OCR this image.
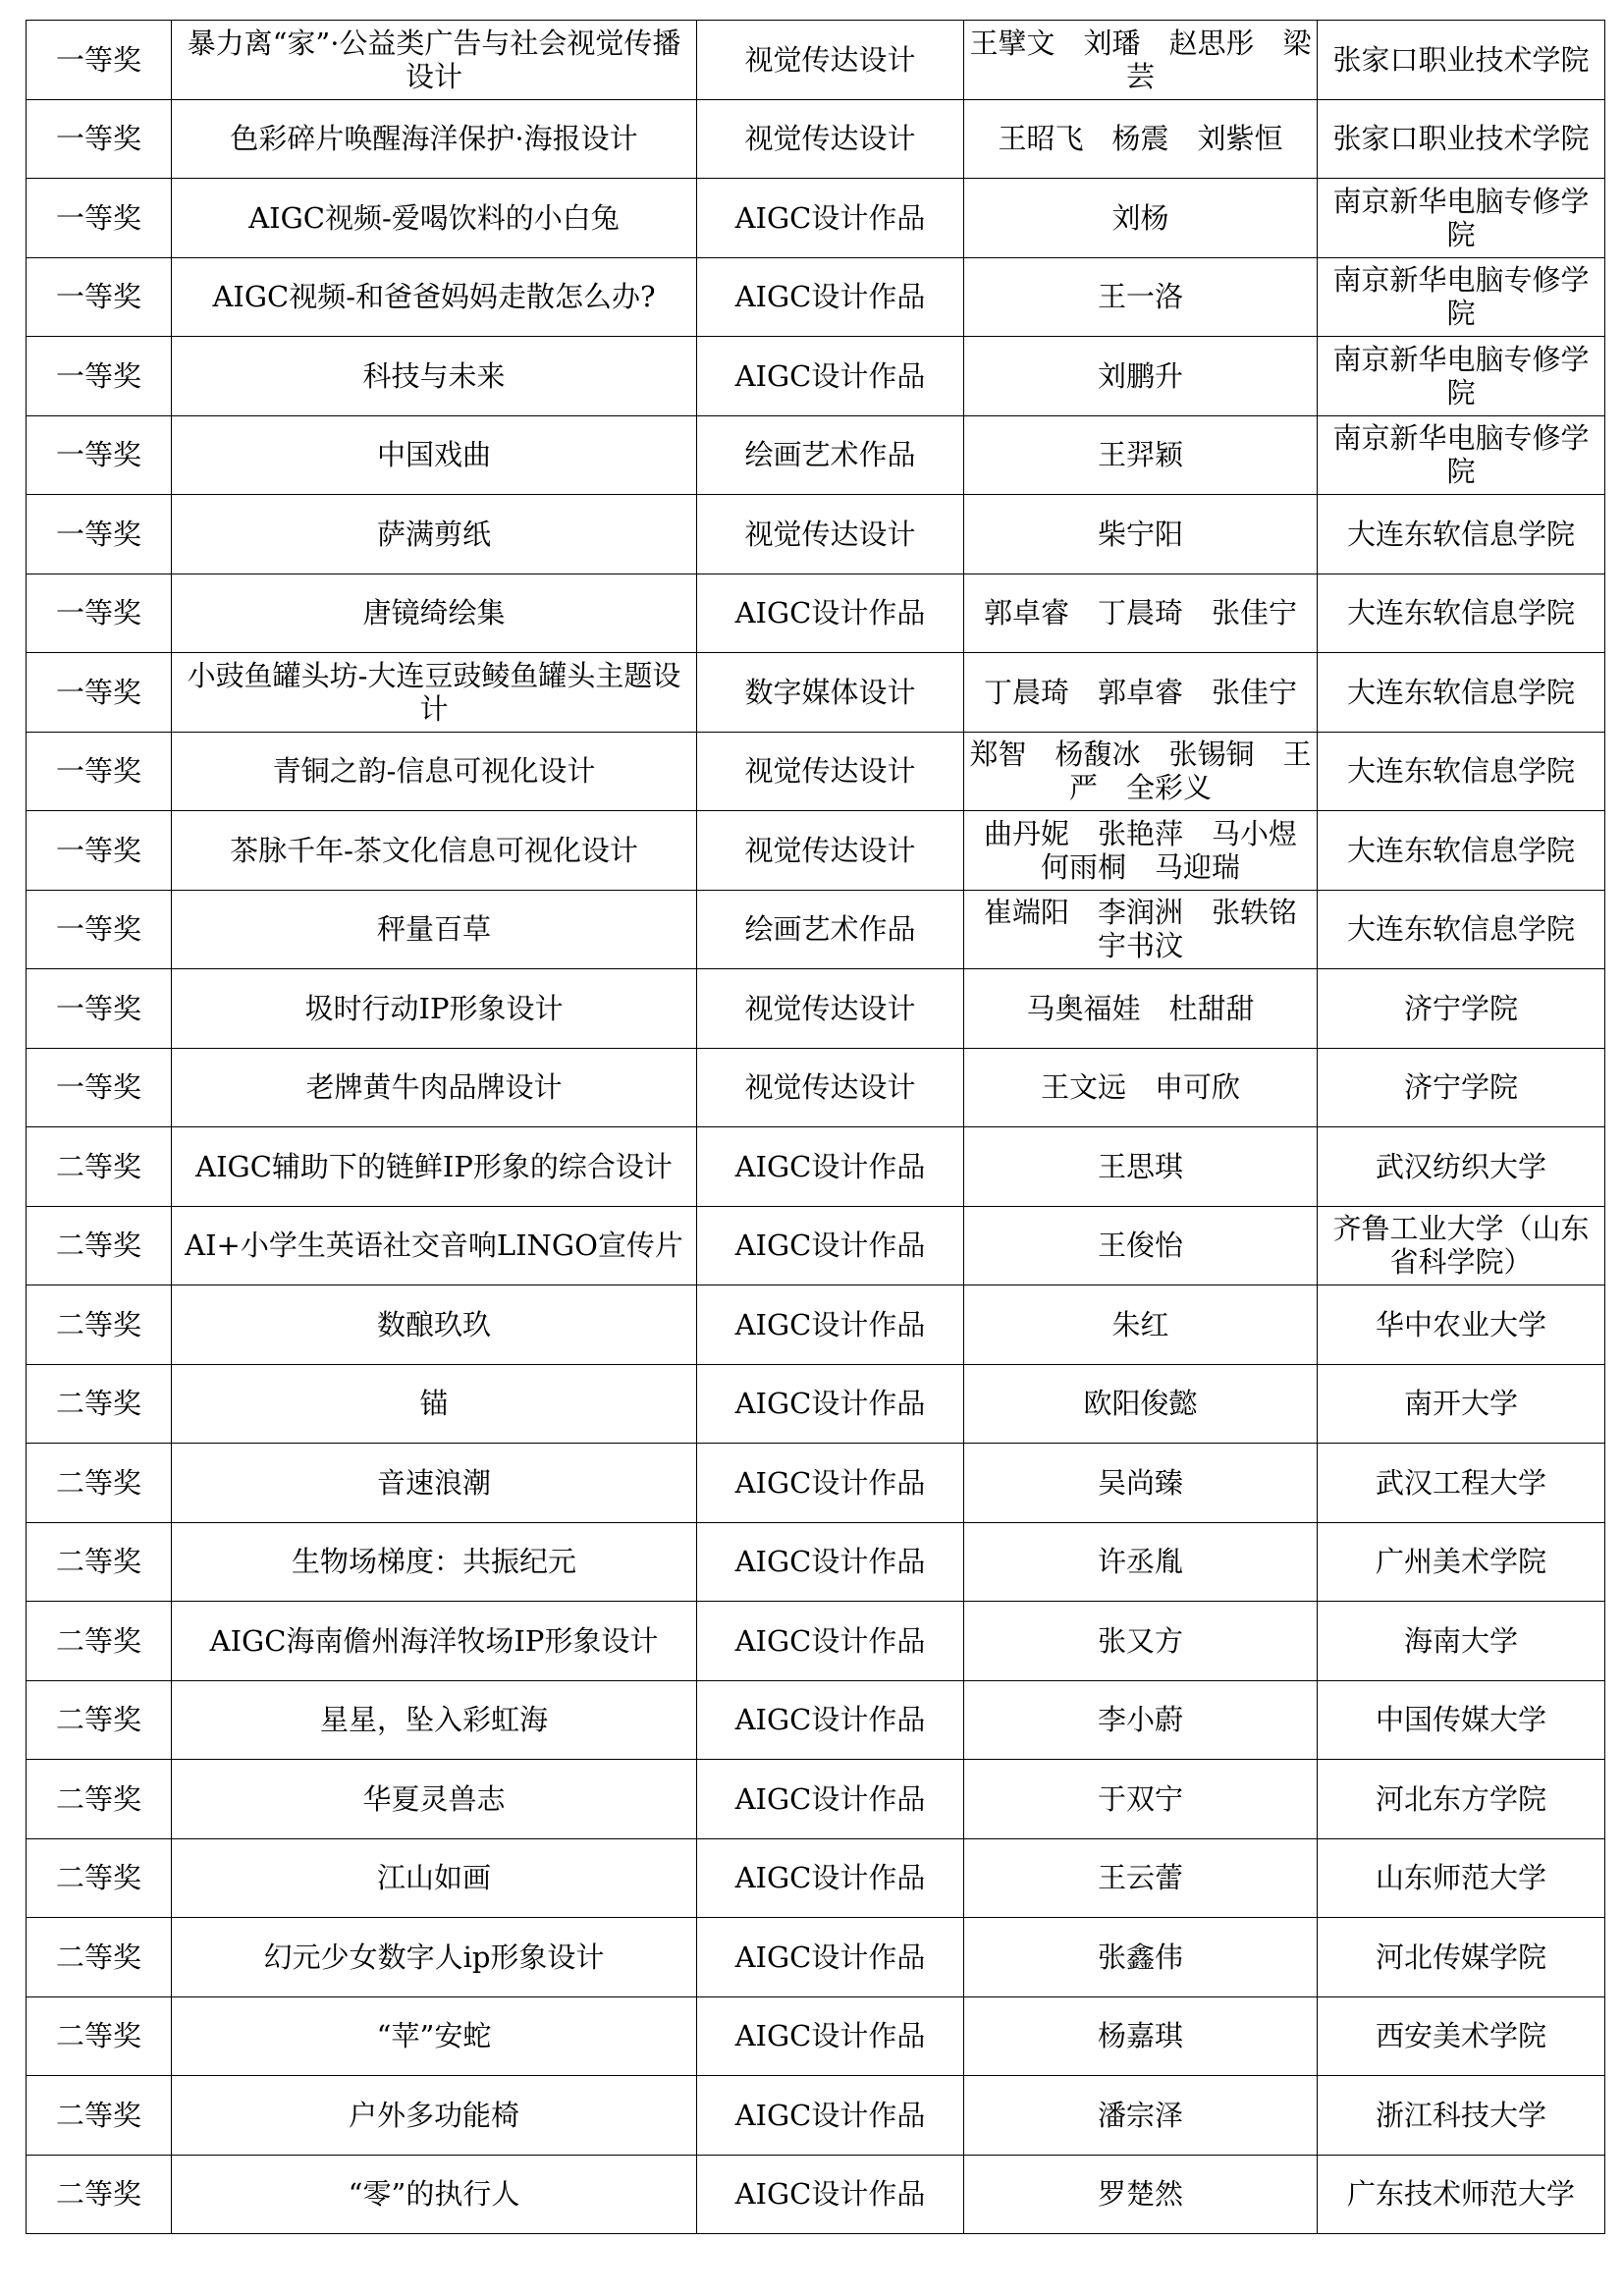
一等奖	暴力离“家”·公益类广告与社会视觉传播设计	视觉传达设计	王擘文　刘璠　赵思彤　梁芸	张家口职业技术学院
一等奖	色彩碎片唤醒海洋保护·海报设计	视觉传达设计	王昭飞　杨震　刘紫恒	张家口职业技术学院
一等奖	AIGC视频-爱喝饮料的小白兔	AIGC设计作品	刘杨	南京新华电脑专修学院
一等奖	AIGC视频-和爸爸妈妈走散怎么办?	AIGC设计作品	王一洛	南京新华电脑专修学院
一等奖	科技与未来	AIGC设计作品	刘鹏升	南京新华电脑专修学院
一等奖	中国戏曲	绘画艺术作品	王羿颖	南京新华电脑专修学院
一等奖	萨满剪纸	视觉传达设计	柴宁阳	大连东软信息学院
一等奖	唐镜绮绘集	AIGC设计作品	郭卓睿　丁晨琦　张佳宁	大连东软信息学院
一等奖	小豉鱼罐头坊-大连豆豉鲮鱼罐头主题设计	数字媒体设计	丁晨琦　郭卓睿　张佳宁	大连东软信息学院
一等奖	青铜之韵-信息可视化设计	视觉传达设计	郑智　杨馥冰　张锡铜　王严　全彩义	大连东软信息学院
一等奖	茶脉千年-茶文化信息可视化设计	视觉传达设计	曲丹妮　张艳萍　马小煜　何雨桐　马迎瑞	大连东软信息学院
一等奖	秤量百草	绘画艺术作品	崔端阳　李润洲　张轶铭　宇书汶	大连东软信息学院
一等奖	圾时行动IP形象设计	视觉传达设计	马奥福娃　杜甜甜	济宁学院
一等奖	老牌黄牛肉品牌设计	视觉传达设计	王文远　申可欣	济宁学院
二等奖	AIGC辅助下的链鲜IP形象的综合设计	AIGC设计作品	王思琪	武汉纺织大学
二等奖	AI+小学生英语社交音响LINGO宣传片	AIGC设计作品	王俊怡	齐鲁工业大学（山东省科学院）
二等奖	数酿玖玖	AIGC设计作品	朱红	华中农业大学
二等奖	锚	AIGC设计作品	欧阳俊懿	南开大学
二等奖	音速浪潮	AIGC设计作品	吴尚臻	武汉工程大学
二等奖	生物场梯度：共振纪元	AIGC设计作品	许丞胤	广州美术学院
二等奖	AIGC海南儋州海洋牧场IP形象设计	AIGC设计作品	张又方	海南大学
二等奖	星星，坠入彩虹海	AIGC设计作品	李小蔚	中国传媒大学
二等奖	华夏灵兽志	AIGC设计作品	于双宁	河北东方学院
二等奖	江山如画	AIGC设计作品	王云蕾	山东师范大学
二等奖	幻元少女数字人ip形象设计	AIGC设计作品	张鑫伟	河北传媒学院
二等奖	“苹”安蛇	AIGC设计作品	杨嘉琪	西安美术学院
二等奖	户外多功能椅	AIGC设计作品	潘宗泽	浙江科技大学
二等奖	“零”的执行人	AIGC设计作品	罗楚然	广东技术师范大学
